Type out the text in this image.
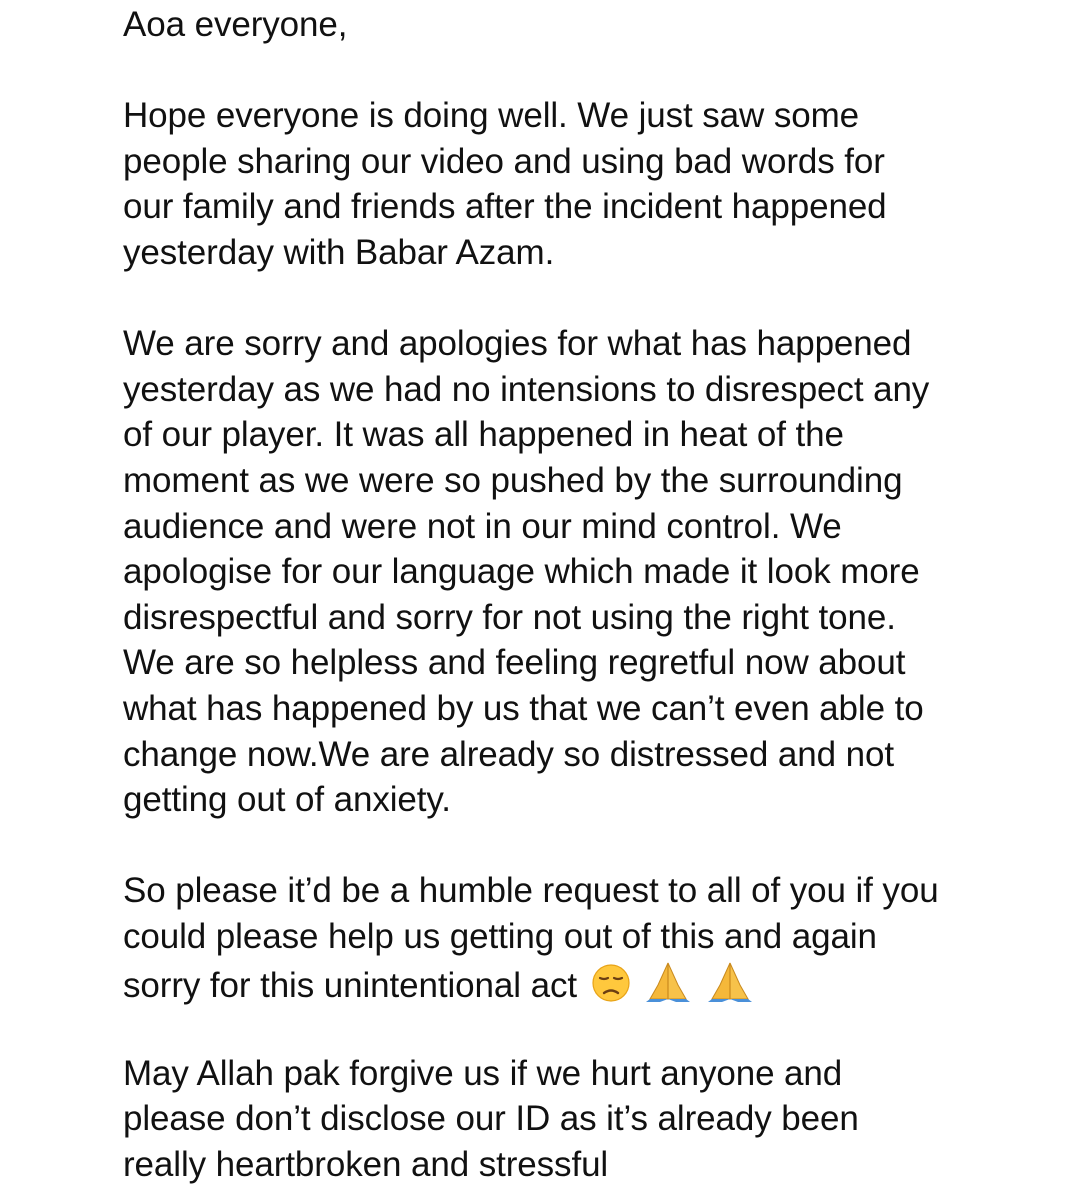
Aoa everyone,
Hope everyone is doing well. We just saw some
people sharing our video and using bad words for
our family and friends after the incident happened
yesterday with Babar Azam.
We are sorry and apologies for what has happened
yesterday as we had no intensions to disrespect any
of our player. It was all happened in heat of the
moment as we were so pushed by the surrounding
audience and were not in our mind control. We
apologise for our language which made it look more
disrespectful and sorry for not using the right tone.
We are so helpless and feeling regretful now about
what has happened by us that we can’t even able to
change now.We are already so distressed and not
getting out of anxiety.
So please it’d be a humble request to all of you if you
could please help us getting out of this and again
sorry for this unintentional act

May Allah pak forgive us if we hurt anyone and
please don’t disclose our ID as it’s already been
really heartbroken and stressful
